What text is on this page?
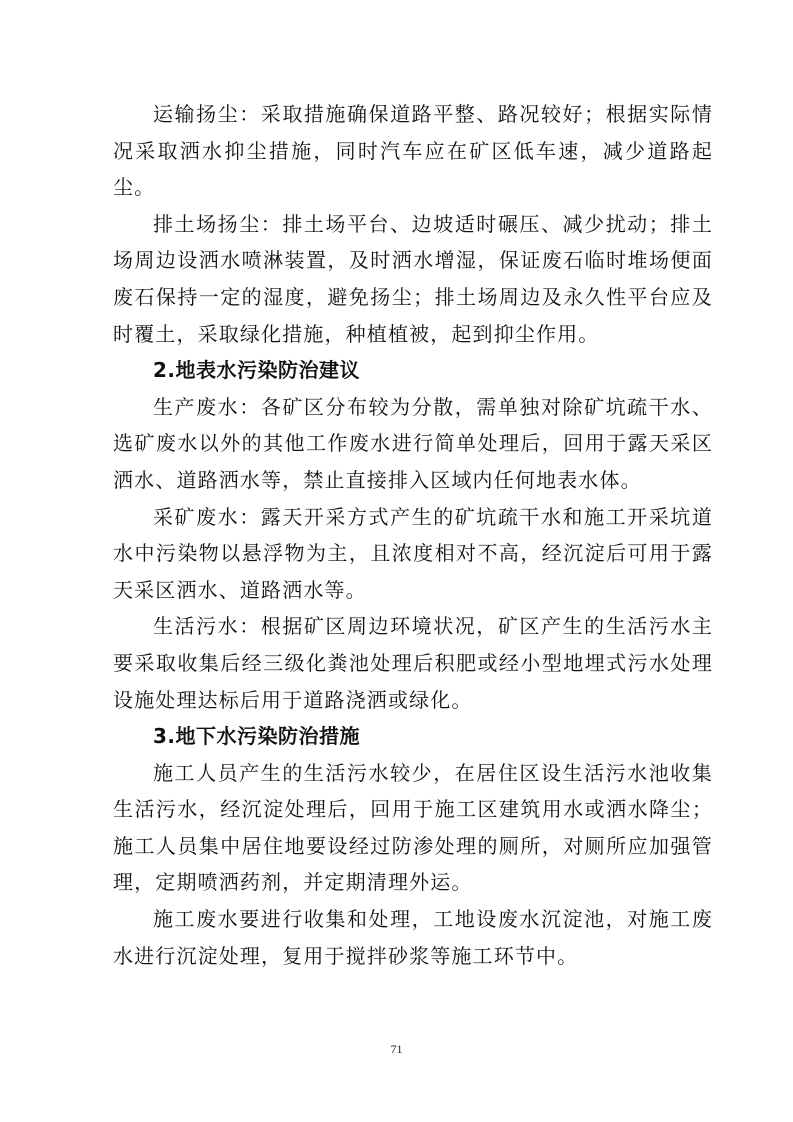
运输扬尘：采取措施确保道路平整、路况较好；根据实际情况采取洒水抑尘措施，同时汽车应在矿区低车速，减少道路起尘。

排土场扬尘：排土场平台、边坡适时碾压、减少扰动；排土场周边设洒水喷淋装置，及时洒水增湿，保证废石临时堆场便面废石保持一定的湿度，避免扬尘；排土场周边及永久性平台应及时覆土，采取绿化措施，种植植被，起到抑尘作用。

2.地表水污染防治建议

生产废水：各矿区分布较为分散，需单独对除矿坑疏干水、选矿废水以外的其他工作废水进行简单处理后，回用于露天采区洒水、道路洒水等，禁止直接排入区域内任何地表水体。

采矿废水：露天开采方式产生的矿坑疏干水和施工开采坑道水中污染物以悬浮物为主，且浓度相对不高，经沉淀后可用于露天采区洒水、道路洒水等。

生活污水：根据矿区周边环境状况，矿区产生的生活污水主要采取收集后经三级化粪池处理后积肥或经小型地埋式污水处理设施处理达标后用于道路浇洒或绿化。

3.地下水污染防治措施

施工人员产生的生活污水较少，在居住区设生活污水池收集生活污水，经沉淀处理后，回用于施工区建筑用水或洒水降尘；施工人员集中居住地要设经过防渗处理的厕所，对厕所应加强管理，定期喷洒药剂，并定期清理外运。

施工废水要进行收集和处理，工地设废水沉淀池，对施工废水进行沉淀处理，复用于搅拌砂浆等施工环节中。

71
